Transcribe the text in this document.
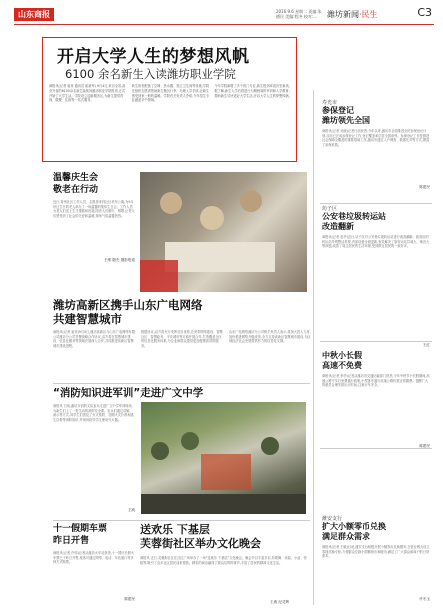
山东商报	2016.9.6 星期二 责编:朱德民 美编:程冬 校对:...	潍坊新闻·民生	C3
开启大学人生的梦想风帆
6100 余名新生入读潍坊职业学院
商报讯(记者 崔茸 通讯员 崔新军) 9月4日,来自全省,甚至外省的6100余名新生陆续到潍坊职业学院报到,正式开始了大学生活。学院设立迎新服务区,为新生提供咨询、缴费、住宿等一站式服务。
新生宿舍配备了空调、热水器、独立卫生间等设施,学院还组织志愿者帮助新生搬运行李、办理入学手续,让新生感受到家一般的温暖。学院有关负责人介绍,今年招生专业涵盖多个领域。
今年学院新增了多个热门专业,新生报到率创历史新高。据了解,新生入学后将进行为期两周的军训和入学教育,帮助新生尽快适应大学生活,开启大学人生的梦想风帆。
寿光市
参保登记
潍坊领先全国
商报讯(记者 吴晓)记者日前获悉,今年以来,潍坊市全面推进全民参保登记计划,目前已完成参保登记工作,登记覆盖率位居全国前列。参保登记工作是推进社会保障全覆盖的重要基础工作,潍坊市通过入户调查、数据比对等方式,摸清了参保底数。
陈建民
坊子区
公安巷垃圾转运站
改造翻新
商报讯(记者 赵华)近日,坊子区对公安巷垃圾转运站进行改造翻新。改造后的转运站外观整洁美观,内部设备全面更新,有效解决了原转运站异味大、噪音大等问题,改善了周边居民的生活环境,受到附近居民的一致好评。
王红
中秋小长假
高速不免费
商报讯(记者 李华)记者从潍坊市交通运输部门获悉,今年中秋节小长假期间,高速公路不实行免费通行政策,小型客车通行高速公路仍需正常缴费。提醒广大驾驶员合理安排出行时间,注意行车安全。
陈建民
潍安支行
扩大小额零币兑换
满足群众需求
商报讯(记者 王敏)日前,潍安支行积极开展小额零币兑换服务,在营业网点设立零钱兑换专柜,方便群众兑换小面额纸币和硬币,满足了广大群众和商户的日常需求。
许冬玉
温馨庆生会
敬老在行动
近日,青州社区工作人员、志愿者来到社区老年公寓,为9月份过生日的老人举办了一场温馨的集体生日会。工作人员为老人们送上生日蛋糕和祝福,陪老人们聊天、唱歌,让老人们感受到了社会的关爱和温暖,现场气氛温馨热烈。
王维 随杰 摄影报道
潍坊高新区携手山东广电网络
共建智慧城市
商报讯(记者 崔茸)9月5日,潍坊高新区与山东广电网络有限公司潍坊分公司签署战略合作协议,双方将在智慧城市建设、信息化服务等领域开展深入合作,共同推进高新区智慧城市建设进程。
根据协议,双方将充分发挥各自优势,在宽带网络建设、智慧社区、智慧政务、平安城市等方面开展合作,打造覆盖全区的信息化服务体系,为企业和群众提供更加便捷高效的服务。
山东广电网络潍坊分公司相关负责人表示,将加大投入力度,加快推进网络升级改造,全力支持高新区智慧城市建设,为区域经济社会发展提供有力的信息化支撑。
“消防知识进军训”走进广文中学
商报讯 日前,潍坊市消防支队官兵走进广文中学军训现场,为新生们上了一堂生动的消防安全课。官兵们通过讲解、演示等方式,向学生们普及了火灾预防、初期火灾扑救和逃生自救等消防知识,并现场指导学生使用灭火器。
王威
十一假期车票
昨日开售
商报讯(记者 许伟)记者从潍坊火车站获悉,十一国庆长假火车票已于昨日开售,旅客可通过网络、电话、车站窗口等多种方式购票。
陈建民
送欢乐 下基层
芙蓉街社区举办文化晚会
商报讯 近日,芙蓉街社区在社区广场举办了一场“送欢乐 下基层”文化晚会。晚会节目丰富多彩,有歌舞、戏曲、小品、快板等,吸引了众多社区居民前来观看。精彩的演出赢得了观众们阵阵掌声,丰富了居民的精神文化生活。
王威 纪灵辉
